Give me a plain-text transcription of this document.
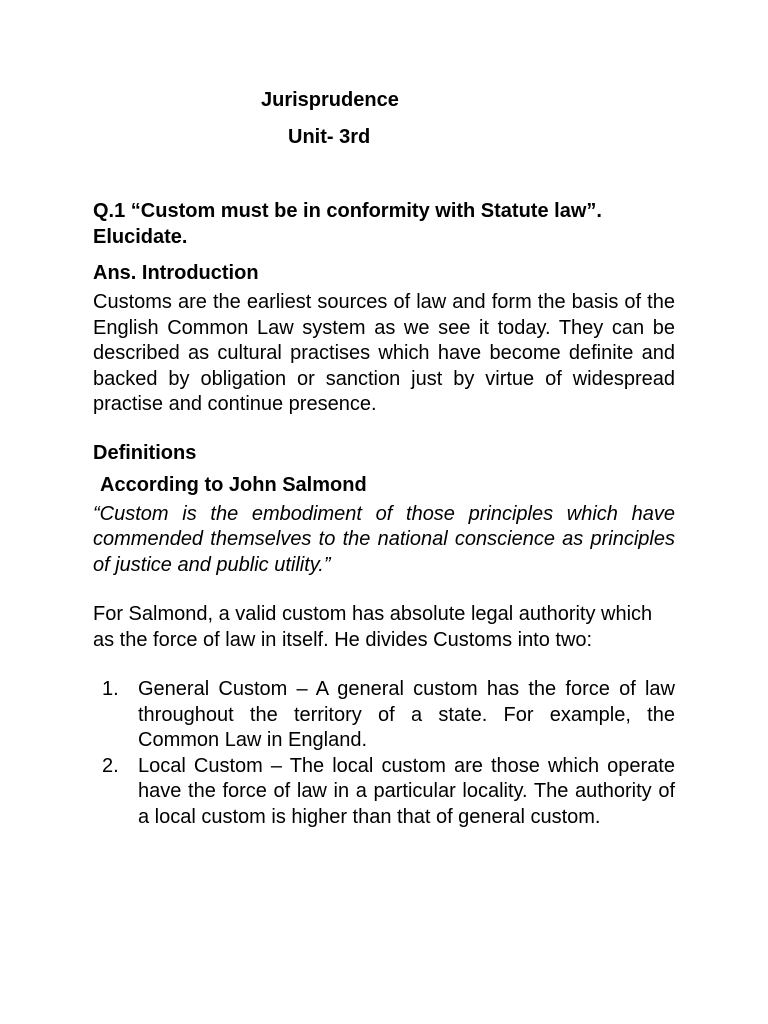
Jurisprudence
Unit- 3rd

Q.1 “Custom must be in conformity with Statute law”. Elucidate.

Ans. Introduction

Customs are the earliest sources of law and form the basis of the English Common Law system as we see it today. They can be described as cultural practises which have become definite and backed by obligation or sanction just by virtue of widespread practise and continue presence.

Definitions

According to John Salmond

“Custom is the embodiment of those principles which have commended themselves to the national conscience as principles of justice and public utility.”

For Salmond, a valid custom has absolute legal authority which as the force of law in itself. He divides Customs into two:

1. General Custom – A general custom has the force of law throughout the territory of a state. For example, the Common Law in England.
2. Local Custom – The local custom are those which operate have the force of law in a particular locality. The authority of a local custom is higher than that of general custom.
